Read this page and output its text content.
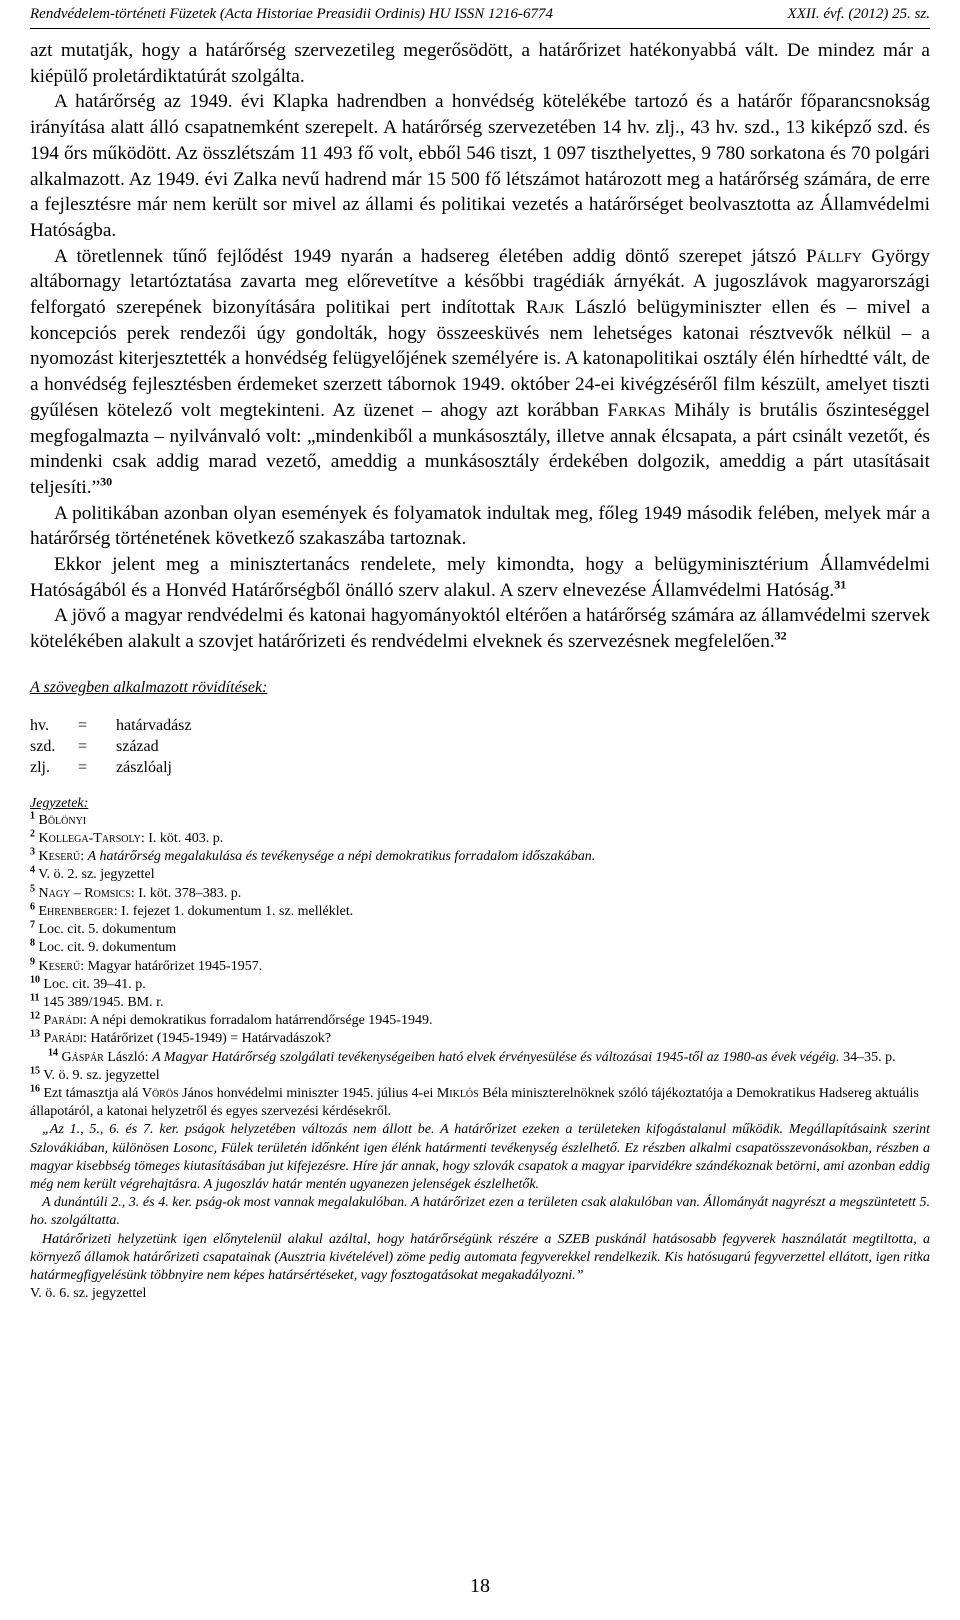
Rendvédelem-történeti Füzetek (Acta Historiae Preasidii Ordinis) HU ISSN 1216-6774	XXII. évf. (2012) 25. sz.

azt mutatják, hogy a határőrség szervezetileg megerősödött, a határőrizet hatékonyabbá vált. De mindez már a kiépülő proletárdiktatúrát szolgálta.

A határőrség az 1949. évi Klapka hadrendben a honvédség kötelékébe tartozó és a határőr főparancsnokság irányítása alatt álló csapatnemként szerepelt. A határőrség szervezetében 14 hv. zlj., 43 hv. szd., 13 kiképző szd. és 194 őrs működött. Az összlétszám 11 493 fő volt, ebből 546 tiszt, 1 097 tiszthelyettes, 9 780 sorkatona és 70 polgári alkalmazott. Az 1949. évi Zalka nevű hadrend már 15 500 fő létszámot határozott meg a határőrség számára, de erre a fejlesztésre már nem került sor mivel az állami és politikai vezetés a határőrséget beolvasztotta az Államvédelmi Hatóságba.

A töretlennek tűnő fejlődést 1949 nyarán a hadsereg életében addig döntő szerepet játszó Pállfy György altábornagy letartóztatása zavarta meg előrevetítve a későbbi tragédiák árnyékát. A jugoszlávok magyarországi felforgató szerepének bizonyítására politikai pert indítottak Rajk László belügyminiszter ellen és – mivel a koncepciós perek rendezői úgy gondolták, hogy összeesküvés nem lehetséges katonai résztvevők nélkül – a nyomozást kiterjesztették a honvédség felügyelőjének személyére is. A katonapolitikai osztály élén hírhedtté vált, de a honvédség fejlesztésben érdemeket szerzett tábornok 1949. október 24-ei kivégzéséről film készült, amelyet tiszti gyűlésen kötelező volt megtekinteni. Az üzenet – ahogy azt korábban Farkas Mihály is brutális őszinteséggel megfogalmazta – nyilvánvaló volt: „mindenkiből a munkásosztály, illetve annak élcsapata, a párt csinált vezetőt, és mindenki csak addig marad vezető, ameddig a munkásosztály érdekében dolgozik, ameddig a párt utasításait teljesíti.”$^{30}$

A politikában azonban olyan események és folyamatok indultak meg, főleg 1949 második felében, melyek már a határőrség történetének következő szakaszába tartoznak.

Ekkor jelent meg a minisztertanács rendelete, mely kimondta, hogy a belügyminisztérium Államvédelmi Hatóságából és a Honvéd Határőrségből önálló szerv alakul. A szerv elnevezése Államvédelmi Hatóság.$^{31}$

A jövő a magyar rendvédelmi és katonai hagyományoktól eltérően a határőrség számára az államvédelmi szervek kötelékében alakult a szovjet határőrizeti és rendvédelmi elveknek és szervezésnek megfelelően.$^{32}$

A szövegben alkalmazott rövidítések:
hv.	=	határvadász
szd.	=	század
zlj.	=	zászlóalj
Jegyzetek:

$^1$ Bölönyi

$^2$ Kollega-Tarsoly: I. köt. 403. p.

$^3$ Keserű: A határőrség megalakulása és tevékenysége a népi demokratikus forradalom időszakában.

$^4$ V. ö. 2. sz. jegyzettel

$^5$ Nagy – Romsics: I. köt. 378–383. p.

$^6$ Ehrenberger: I. fejezet 1. dokumentum 1. sz. melléklet.

$^7$ Loc. cit. 5. dokumentum

$^8$ Loc. cit. 9. dokumentum

$^9$ Keserű: Magyar határőrizet 1945-1957.

$^{10}$ Loc. cit. 39–41. p.

$^{11}$ 145 389/1945. BM. r.

$^{12}$ Parádi: A népi demokratikus forradalom határrendőrsége 1945-1949.

$^{13}$ Parádi: Határőrizet (1945-1949) = Határvadászok?

$^{14}$ Gáspár László: A Magyar Határőrség szolgálati tevékenységeiben ható elvek érvényesülése és változásai 1945-től az 1980-as évek végéig. 34–35. p.

$^{15}$ V. ö. 9. sz. jegyzettel

$^{16}$ Ezt támasztja alá Vörös János honvédelmi miniszter 1945. július 4-ei Miklós Béla miniszterelnöknek szóló tájékoztatója a Demokratikus Hadsereg aktuális állapotáról, a katonai helyzetről és egyes szervezési kérdésekről.

„Az 1., 5., 6. és 7. ker. pságok helyzetében változás nem állott be. A határőrizet ezeken a területeken kifogástalanul működik. Megállapításaink szerint Szlovákiában, különösen Losonc, Fülek területén időnként igen élénk határmenti tevékenység észlelhető. Ez részben alkalmi csapatösszevonásokban, részben a magyar kisebbség tömeges kiutasításában jut kifejezésre. Híre jár annak, hogy szlovák csapatok a magyar iparvidékre szándékoznak betörni, ami azonban eddig még nem került végrehajtásra. A jugoszláv határ mentén ugyanezen jelenségek észlelhetők.

A dunántúli 2., 3. és 4. ker. pság-ok most vannak megalakulóban. A határőrizet ezen a területen csak alakulóban van. Állományát nagyrészt a megszüntetett 5. ho. szolgáltatta.

Határőrizeti helyzetünk igen előnytelenül alakul azáltal, hogy határőrségünk részére a SZEB puskánál hatásosabb fegyverek használatát megtiltotta, a környező államok határőrizeti csapatainak (Ausztria kivételével) zöme pedig automata fegyverekkel rendelkezik. Kis hatósugarú fegyverzettel ellátott, igen ritka határmegfigyelésünk többnyire nem képes határsértéseket, vagy fosztogatásokat megakadályozni.”

V. ö. 6. sz. jegyzettel

18
